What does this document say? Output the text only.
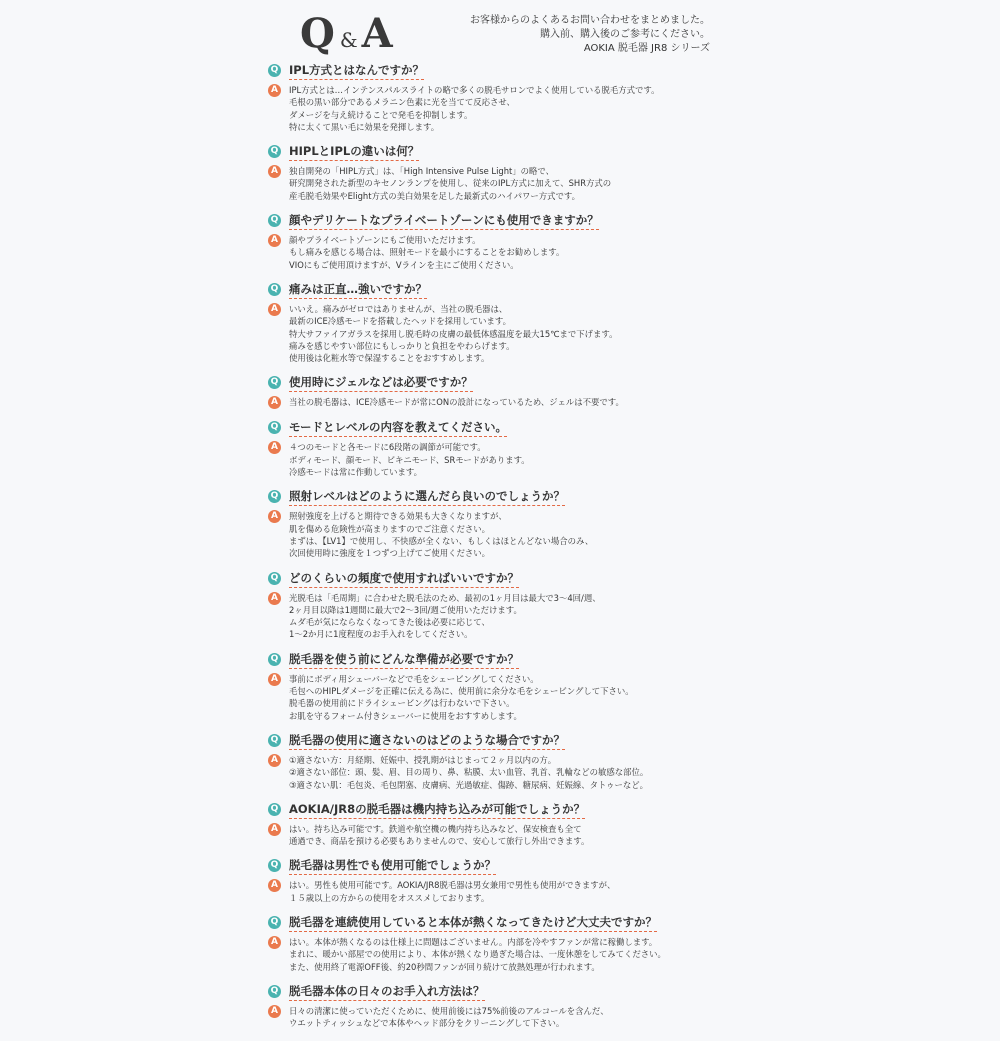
Q & A	お客様からのよくあるお問い合わせをまとめました。
購入前、購入後のご参考にください。
AOKIA 脱毛器 JR8 シリーズ
Q IPL方式とはなんですか？
A	IPL方式とは…インテンスパルスライトの略で多くの脱毛サロンでよく使用している脱毛方式です。
毛根の黒い部分であるメラニン色素に光を当てて反応させ、
ダメージを与え続けることで発毛を抑制します。
特に太くて黒い毛に効果を発揮します。
Q HIPLとIPLの違いは何？
A	独自開発の「HIPL方式」は、「High Intensive Pulse Light」の略で、
研究開発された新型のキセノンランプを使用し、従来のIPL方式に加えて、SHR方式の
産毛脱毛効果やElight方式の美白効果を足した最新式のハイパワー方式です。
Q 顔やデリケートなプライベートゾーンにも使用できますか？
A	顔やプライベートゾーンにもご使用いただけます。
もし痛みを感じる場合は、照射モードを最小にすることをお勧めします。
VIOにもご使用頂けますが、Vラインを主にご使用ください。
Q 痛みは正直…強いですか？
A	いいえ。痛みがゼロではありませんが、当社の脱毛器は、
最新のICE冷感モードを搭載したヘッドを採用しています。
特大サファイアガラスを採用し脱毛時の皮膚の最低体感温度を最大15℃まで下げます。
痛みを感じやすい部位にもしっかりと負担をやわらげます。
使用後は化粧水等で保湿することをおすすめします。
Q 使用時にジェルなどは必要ですか？
A	当社の脱毛器は、ICE冷感モードが常にONの設計になっているため、ジェルは不要です。
Q モードとレベルの内容を教えてください。
A	４つのモードと各モードに6段階の調節が可能です。
ボディモード、顔モード、ビキニモード、SRモードがあります。
冷感モードは常に作動しています。
Q 照射レベルはどのように選んだら良いのでしょうか？
A	照射強度を上げると期待できる効果も大きくなりますが、
肌を傷める危険性が高まりますのでご注意ください。
まずは、【LV1】で使用し、不快感が全くない、もしくはほとんどない場合のみ、
次回使用時に強度を１つずつ上げてご使用ください。
Q どのくらいの頻度で使用すればいいですか？
A	光脱毛は「毛周期」に合わせた脱毛法のため、最初の1ヶ月目は最大で3～4回/週、
2ヶ月目以降は1週間に最大で2～3回/週ご使用いただけます。
ムダ毛が気にならなくなってきた後は必要に応じて、
1～2か月に1度程度のお手入れをしてください。
Q 脱毛器を使う前にどんな準備が必要ですか？
A	事前にボディ用シェーバーなどで毛をシェービングしてください。
毛包へのHIPLダメージを正確に伝える為に、使用前に余分な毛をシェービングして下さい。
脱毛器の使用前にドライシェービングは行わないで下さい。
お肌を守るフォーム付きシェーバーに使用をおすすめします。
Q 脱毛器の使用に適さないのはどのような場合ですか？
A	①適さない方：月経期、妊娠中、授乳期がはじまって２ヶ月以内の方。
②適さない部位：頭、髪、眉、目の周り、鼻、粘膜、太い血管、乳首、乳輪などの敏感な部位。
③適さない肌：毛包炎、毛包閉塞、皮膚病、光過敏症、傷跡、糖尿病、妊娠線、タトゥーなど。
Q AOKIA/JR8の脱毛器は機内持ち込みが可能でしょうか？
A	はい。持ち込み可能です。鉄道や航空機の機内持ち込みなど、保安検査も全て
通過でき、商品を預ける必要もありませんので、安心して旅行し外出できます。
Q 脱毛器は男性でも使用可能でしょうか？
A	はい。男性も使用可能です。AOKIA/JR8脱毛器は男女兼用で男性も使用ができますが、
１５歳以上の方からの使用をオススメしております。
Q 脱毛器を連続使用していると本体が熱くなってきたけど大丈夫ですか？
A	はい。本体が熱くなるのは仕様上に問題はございません。内部を冷やすファンが常に稼働します。
まれに、暖かい部屋での使用により、本体が熱くなり過ぎた場合は、一度休憩をしてみてください。
また、使用終了電源OFF後、約20秒間ファンが回り続けて放熱処理が行われます。
Q 脱毛器本体の日々のお手入れ方法は？
A	日々の清潔に使っていただくために、使用前後には75%前後のアルコールを含んだ、
ウエットティッシュなどで本体やヘッド部分をクリーニングして下さい。
